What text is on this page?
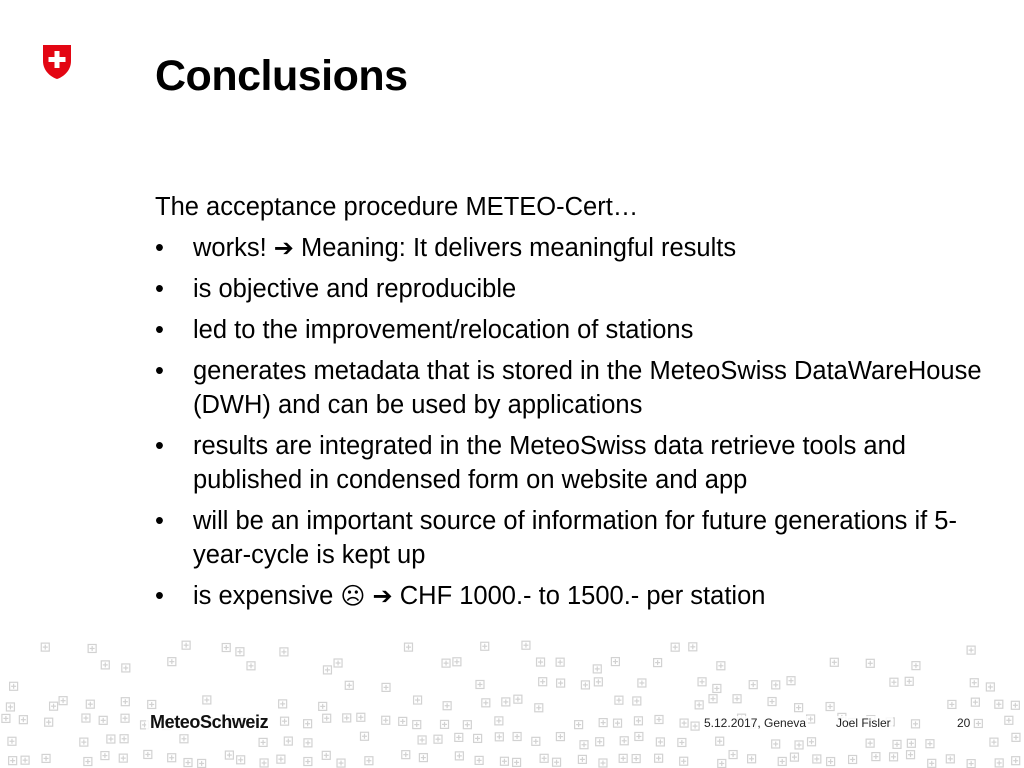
Conclusions

The acceptance procedure METEO-Cert…

•	works! ➔ Meaning: It delivers meaningful results
•	is objective and reproducible
•	led to the improvement/relocation of stations
•	generates metadata that is stored in the MeteoSwiss DataWareHouse (DWH) and can be used by applications
•	results are integrated in the MeteoSwiss data retrieve tools and published in condensed form on website and app
•	will be an important source of information for future generations if 5-year-cycle is kept up
•	is expensive ☹ ➔ CHF 1000.- to 1500.- per station
MeteoSchweiz	5.12.2017, Geneva Joel Fisler	20
